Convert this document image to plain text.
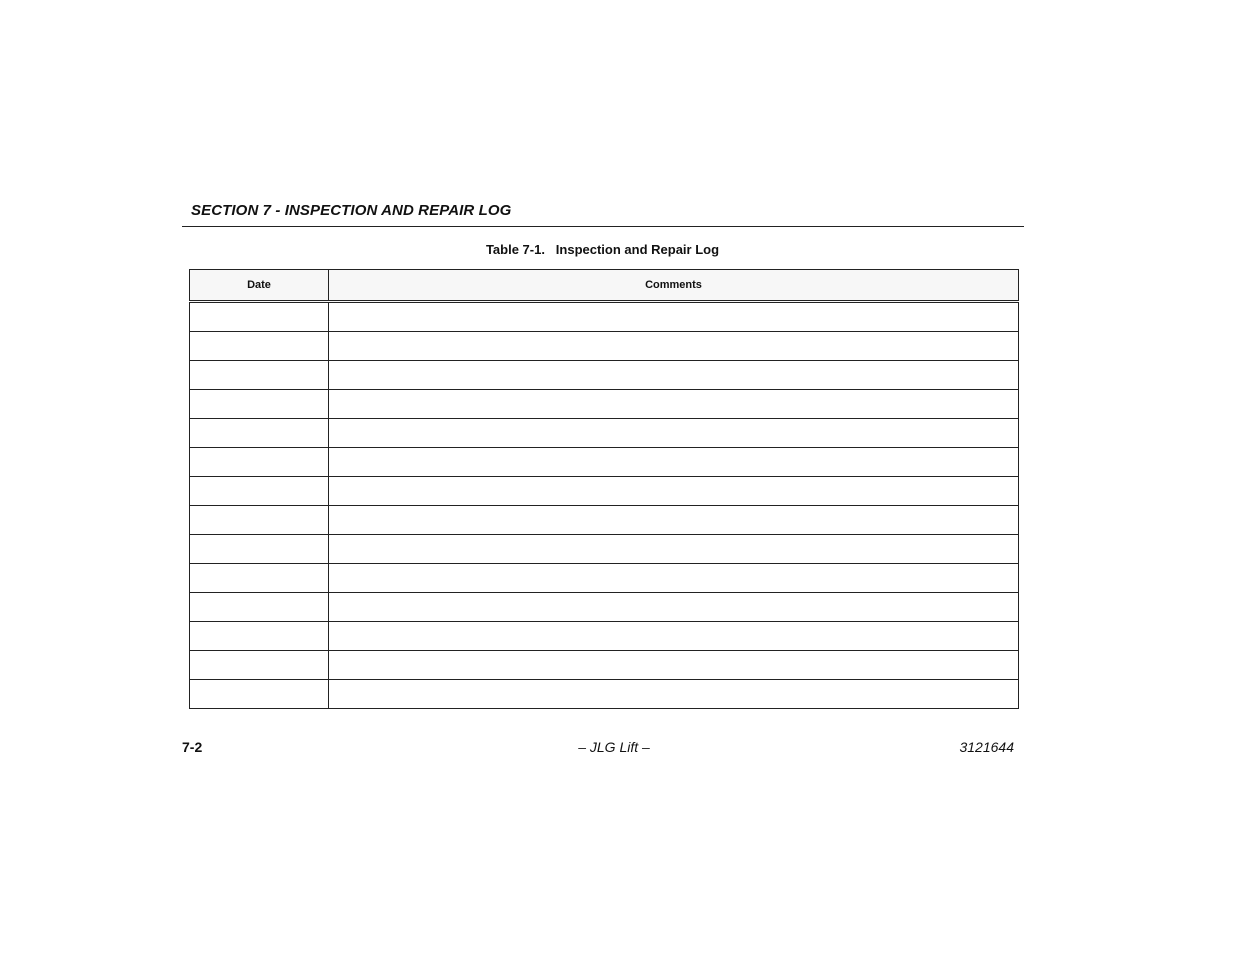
SECTION 7 - INSPECTION AND REPAIR LOG
Table 7-1.   Inspection and Repair Log
Date	Comments

7-2	– JLG Lift –	3121644
